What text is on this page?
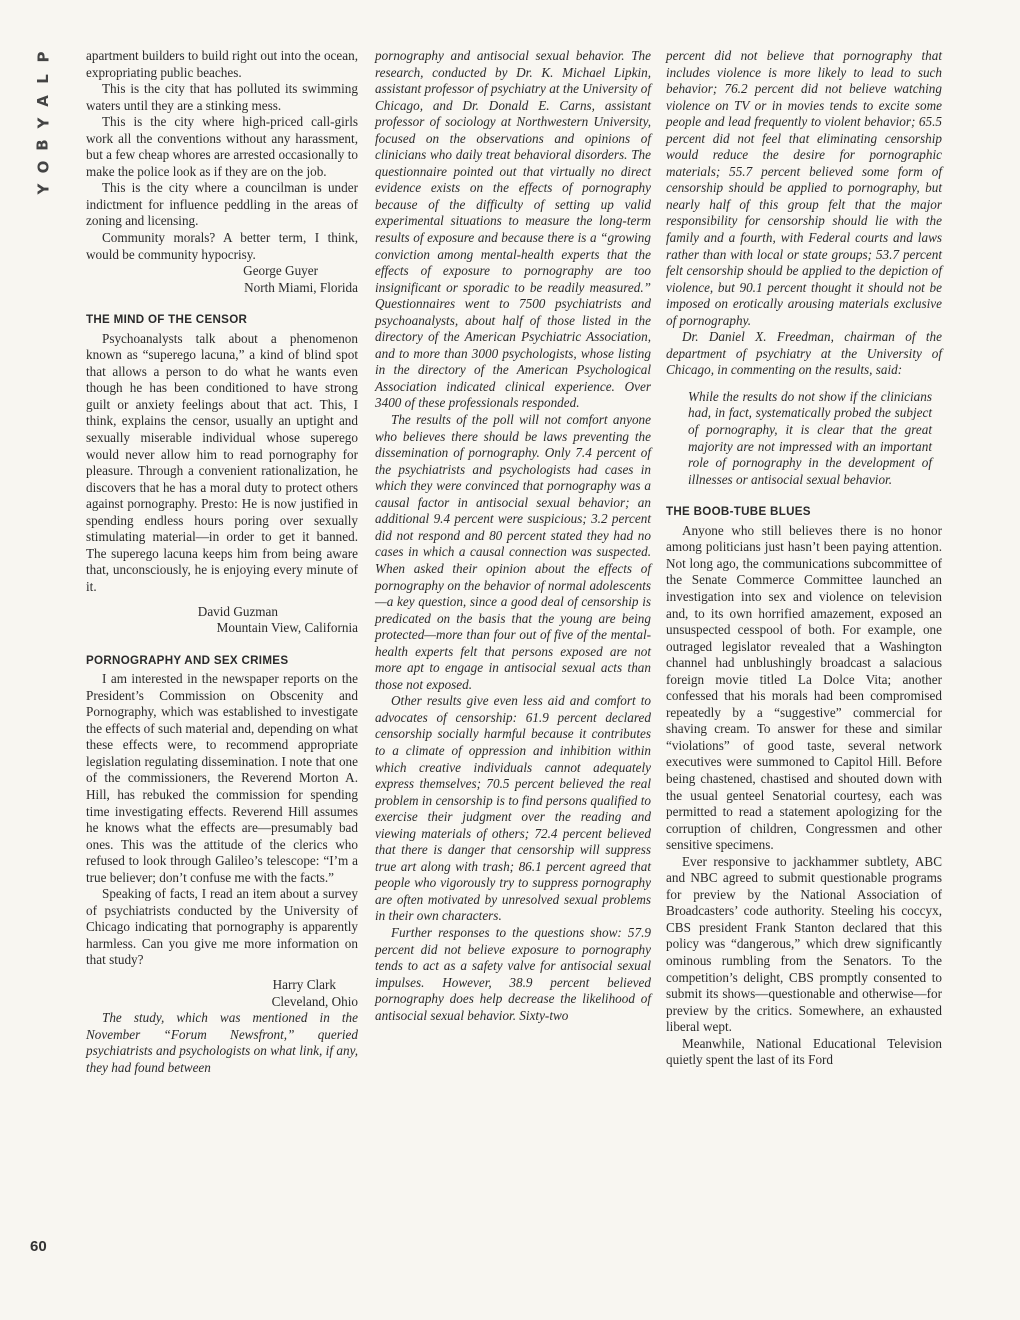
P
L
A
Y
B
O
Y
60

apartment builders to build right out into the ocean, expropriating public beaches.

This is the city that has polluted its swimming waters until they are a stinking mess.

This is the city where high-priced call-girls work all the conventions without any harassment, but a few cheap whores are arrested occasionally to make the police look as if they are on the job.

This is the city where a councilman is under indictment for influence peddling in the areas of zoning and licensing.

Community morals? A better term, I think, would be community hypocrisy.

George Guyer

North Miami, Florida

THE MIND OF THE CENSOR

Psychoanalysts talk about a phenomenon known as “superego lacuna,” a kind of blind spot that allows a person to do what he wants even though he has been conditioned to have strong guilt or anxiety feelings about that act. This, I think, explains the censor, usually an uptight and sexually miserable individual whose superego would never allow him to read pornography for pleasure. Through a convenient rationalization, he discovers that he has a moral duty to protect others against pornography. Presto: He is now justified in spending endless hours poring over sexually stimulating material—in order to get it banned. The superego lacuna keeps him from being aware that, unconsciously, he is enjoying every minute of it.

David Guzman

Mountain View, California

PORNOGRAPHY AND SEX CRIMES

I am interested in the newspaper reports on the President’s Commission on Obscenity and Pornography, which was established to investigate the effects of such material and, depending on what these effects were, to recommend appropriate legislation regulating dissemination. I note that one of the commissioners, the Reverend Morton A. Hill, has rebuked the commission for spending time investigating effects. Reverend Hill assumes he knows what the effects are—presumably bad ones. This was the attitude of the clerics who refused to look through Galileo’s telescope: “I’m a true believer; don’t confuse me with the facts.”

Speaking of facts, I read an item about a survey of psychiatrists conducted by the University of Chicago indicating that pornography is apparently harmless. Can you give me more information on that study?

Harry Clark

Cleveland, Ohio

The study, which was mentioned in the November “Forum Newsfront,” queried psychiatrists and psychologists on what link, if any, they had found between

pornography and antisocial sexual behavior. The research, conducted by Dr. K. Michael Lipkin, assistant professor of psychiatry at the University of Chicago, and Dr. Donald E. Carns, assistant professor of sociology at Northwestern University, focused on the observations and opinions of clinicians who daily treat behavioral disorders. The questionnaire pointed out that virtually no direct evidence exists on the effects of pornography because of the difficulty of setting up valid experimental situations to measure the long-term results of exposure and because there is a “growing conviction among mental-health experts that the effects of exposure to pornography are too insignificant or sporadic to be readily measured.” Questionnaires went to 7500 psychiatrists and psychoanalysts, about half of those listed in the directory of the American Psychiatric Association, and to more than 3000 psychologists, whose listing in the directory of the American Psychological Association indicated clinical experience. Over 3400 of these professionals responded.

The results of the poll will not comfort anyone who believes there should be laws preventing the dissemination of pornography. Only 7.4 percent of the psychiatrists and psychologists had cases in which they were convinced that pornography was a causal factor in antisocial sexual behavior; an additional 9.4 percent were suspicious; 3.2 percent did not respond and 80 percent stated they had no cases in which a causal connection was suspected. When asked their opinion about the effects of pornography on the behavior of normal adolescents—a key question, since a good deal of censorship is predicated on the basis that the young are being protected—more than four out of five of the mental-health experts felt that persons exposed are not more apt to engage in antisocial sexual acts than those not exposed.

Other results give even less aid and comfort to advocates of censorship: 61.9 percent declared censorship socially harmful because it contributes to a climate of oppression and inhibition within which creative individuals cannot adequately express themselves; 70.5 percent believed the real problem in censorship is to find persons qualified to exercise their judgment over the reading and viewing materials of others; 72.4 percent believed that there is danger that censorship will suppress true art along with trash; 86.1 percent agreed that people who vigorously try to suppress pornography are often motivated by unresolved sexual problems in their own characters.

Further responses to the questions show: 57.9 percent did not believe exposure to pornography tends to act as a safety valve for antisocial sexual impulses. However, 38.9 percent believed pornography does help decrease the likelihood of antisocial sexual behavior. Sixty-two

percent did not believe that pornography that includes violence is more likely to lead to such behavior; 76.2 percent did not believe watching violence on TV or in movies tends to excite some people and lead frequently to violent behavior; 65.5 percent did not feel that eliminating censorship would reduce the desire for pornographic materials; 55.7 percent believed some form of censorship should be applied to pornography, but nearly half of this group felt that the major responsibility for censorship should lie with the family and a fourth, with Federal courts and laws rather than with local or state groups; 53.7 percent felt censorship should be applied to the depiction of violence, but 90.1 percent thought it should not be imposed on erotically arousing materials exclusive of pornography.

Dr. Daniel X. Freedman, chairman of the department of psychiatry at the University of Chicago, in commenting on the results, said:

While the results do not show if the clinicians had, in fact, systematically probed the subject of pornography, it is clear that the great majority are not impressed with an important role of pornography in the development of illnesses or antisocial sexual behavior.
THE BOOB-TUBE BLUES

Anyone who still believes there is no honor among politicians just hasn’t been paying attention. Not long ago, the communications subcommittee of the Senate Commerce Committee launched an investigation into sex and violence on television and, to its own horrified amazement, exposed an unsuspected cesspool of both. For example, one outraged legislator revealed that a Washington channel had unblushingly broadcast a salacious foreign movie titled La Dolce Vita; another confessed that his morals had been compromised repeatedly by a “suggestive” commercial for shaving cream. To answer for these and similar “violations” of good taste, several network executives were summoned to Capitol Hill. Before being chastened, chastised and shouted down with the usual genteel Senatorial courtesy, each was permitted to read a statement apologizing for the corruption of children, Congressmen and other sensitive specimens.

Ever responsive to jackhammer subtlety, ABC and NBC agreed to submit questionable programs for preview by the National Association of Broadcasters’ code authority. Steeling his coccyx, CBS president Frank Stanton declared that this policy was “dangerous,” which drew significantly ominous rumbling from the Senators. To the competition’s delight, CBS promptly consented to submit its shows—questionable and otherwise—for preview by the critics. Somewhere, an exhausted liberal wept.

Meanwhile, National Educational Television quietly spent the last of its Ford
